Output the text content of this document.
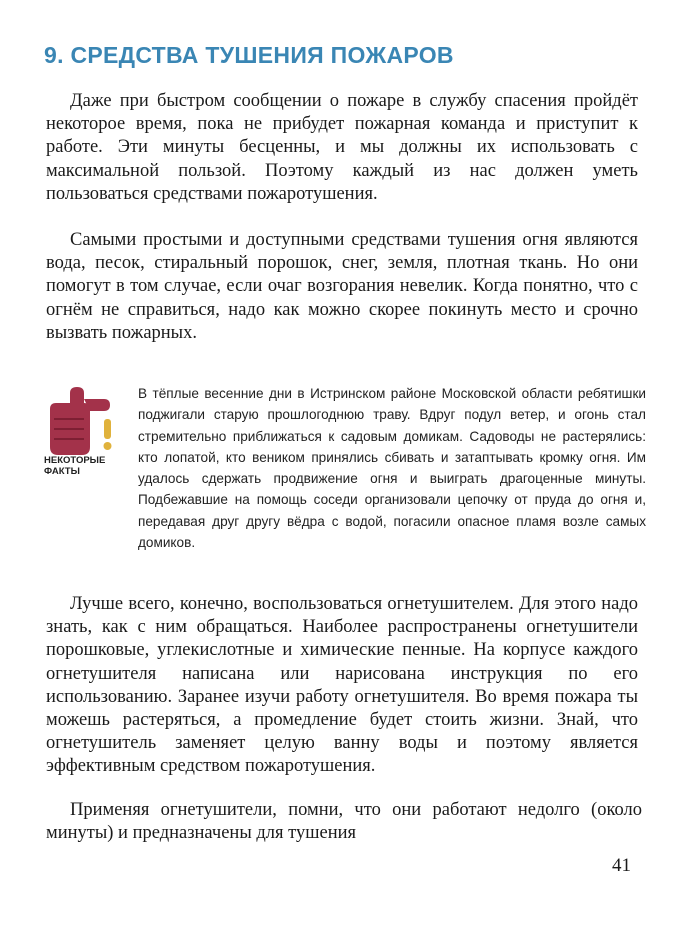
9. СРЕДСТВА ТУШЕНИЯ ПОЖАРОВ

Даже при быстром сообщении о пожаре в службу спасения пройдёт некоторое время, пока не прибудет пожарная команда и приступит к работе. Эти минуты бесценны, и мы должны их использовать с максимальной пользой. Поэтому каждый из нас должен уметь пользоваться средствами пожаротушения.

Самыми простыми и доступными средствами тушения огня являются вода, песок, стиральный порошок, снег, земля, плотная ткань. Но они помогут в том случае, если очаг возгорания невелик. Когда понятно, что с огнём не справиться, надо как можно скорее покинуть место и срочно вызвать пожарных.

НЕКОТОРЫЕ ФАКТЫ

В тёплые весенние дни в Истринском районе Московской области ребятишки поджигали старую прошлогоднюю траву. Вдруг подул ветер, и огонь стал стремительно приближаться к садовым домикам. Садоводы не растерялись: кто лопатой, кто веником принялись сбивать и затаптывать кромку огня. Им удалось сдержать продвижение огня и выиграть драгоценные минуты. Подбежавшие на помощь соседи организовали цепочку от пруда до огня и, передавая друг другу вёдра с водой, погасили опасное пламя возле самых домиков.

Лучше всего, конечно, воспользоваться огнетушителем. Для этого надо знать, как с ним обращаться. Наиболее распространены огнетушители порошковые, углекислотные и химические пенные. На корпусе каждого огнетушителя написана или нарисована инструкция по его использованию. Заранее изучи работу огнетушителя. Во время пожара ты можешь растеряться, а промедление будет стоить жизни. Знай, что огнетушитель заменяет целую ванну воды и поэтому является эффективным средством пожаротушения.

Применяя огнетушители, помни, что они работают недолго (около минуты) и предназначены для тушения

41
